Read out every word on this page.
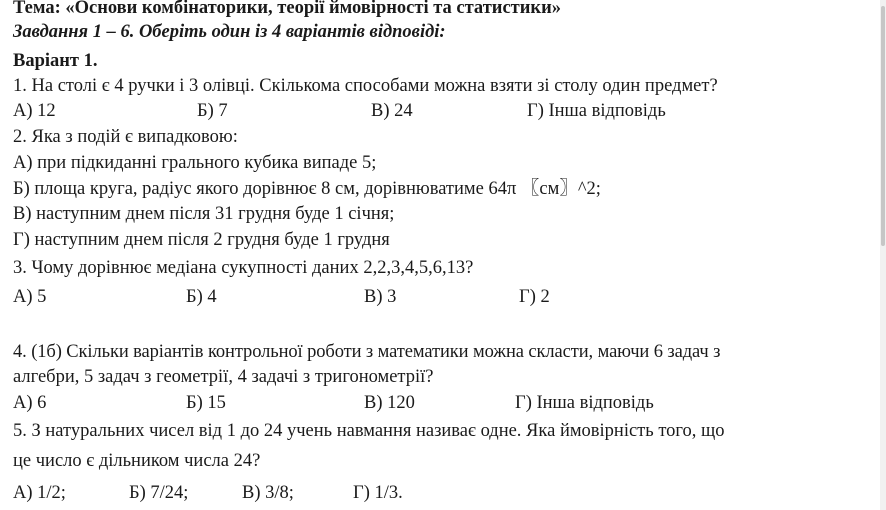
Тема: «Основи комбінаторики, теорії ймовірності та статистики»
Завдання 1 – 6. Оберіть один із 4 варіантів відповіді:
Варіант 1.
1. На столі є 4 ручки і 3 олівці. Скількома способами можна взяти зі столу один предмет?
А) 12	Б) 7	В) 24	Г) Інша відповідь
2. Яка з подій є випадковою:
А) при підкиданні грального кубика випаде 5;
Б) площа круга, радіус якого дорівнює 8 см, дорівнюватиме 64π 〖см〗^2;
В) наступним днем після 31 грудня буде 1 січня;
Г) наступним днем після 2 грудня буде 1 грудня
3. Чому дорівнює медіана сукупності даних 2,2,3,4,5,6,13?
А) 5	Б) 4	В) 3	Г) 2
4. (1б) Скільки варіантів контрольної роботи з математики можна скласти, маючи 6 задач з
алгебри, 5 задач з геометрії, 4 задачі з тригонометрії?
А) 6	Б) 15	В) 120	Г) Інша відповідь
5. З натуральних чисел від 1 до 24 учень навмання називає одне. Яка ймовірність того, що
це число є дільником числа 24?
А) 1/2;	Б) 7/24;	В) 3/8;	Г) 1/3.
